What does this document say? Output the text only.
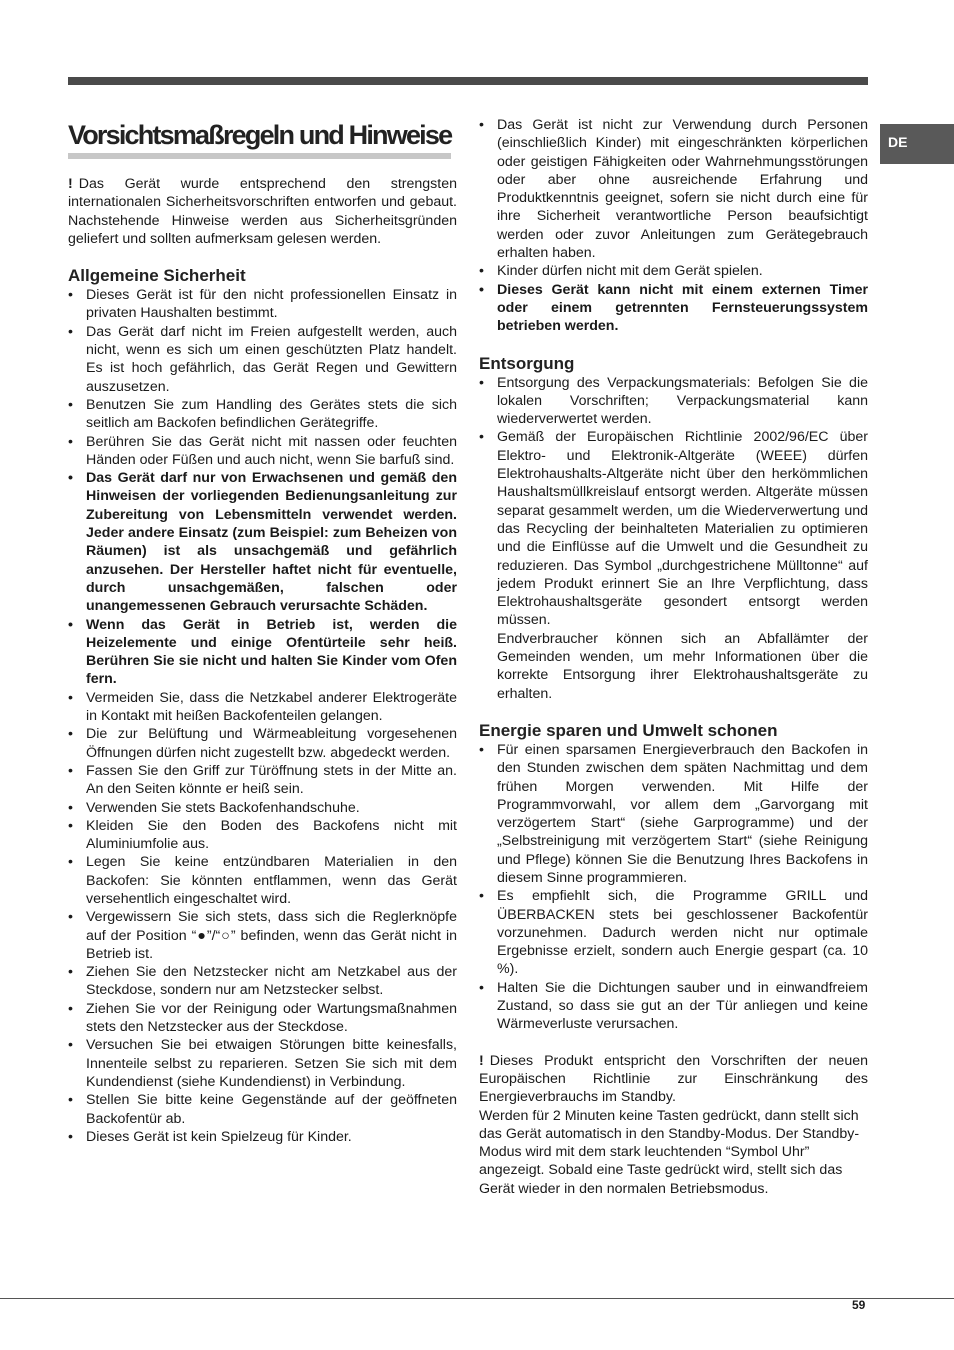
DE
Vorsichtsmaßregeln und Hinweise

! Das Gerät wurde entsprechend den strengsten internationalen Sicherheitsvorschriften entworfen und gebaut. Nachstehende Hinweise werden aus Sicherheitsgründen geliefert und sollten aufmerksam gelesen werden.

Allgemeine Sicherheit
• Dieses Gerät ist für den nicht professionellen Einsatz in privaten Haushalten bestimmt.
• Das Gerät darf nicht im Freien aufgestellt werden, auch nicht, wenn es sich um einen geschützten Platz handelt. Es ist hoch gefährlich, das Gerät Regen und Gewittern auszusetzen.
• Benutzen Sie zum Handling des Gerätes stets die sich seitlich am Backofen befindlichen Gerätegriffe.
• Berühren Sie das Gerät nicht mit nassen oder feuchten Händen oder Füßen und auch nicht, wenn Sie barfuß sind.
• Das Gerät darf nur von Erwachsenen und gemäß den Hinweisen der vorliegenden Bedienungsanleitung zur Zubereitung von Lebensmitteln verwendet werden. Jeder andere Einsatz (zum Beispiel: zum Beheizen von Räumen) ist als unsachgemäß und gefährlich anzusehen. Der Hersteller haftet nicht für eventuelle, durch unsachgemäßen, falschen oder unangemessenen Gebrauch verursachte Schäden.
• Wenn das Gerät in Betrieb ist, werden die Heizelemente und einige Ofentürteile sehr heiß. Berühren Sie sie nicht und halten Sie Kinder vom Ofen fern.
• Vermeiden Sie, dass die Netzkabel anderer Elektrogeräte in Kontakt mit heißen Backofenteilen gelangen.
• Die zur Belüftung und Wärmeableitung vorgesehenen Öffnungen dürfen nicht zugestellt bzw. abgedeckt werden.
• Fassen Sie den Griff zur Türöffnung stets in der Mitte an. An den Seiten könnte er heiß sein.
• Verwenden Sie stets Backofenhandschuhe.
• Kleiden Sie den Boden des Backofens nicht mit Aluminiumfolie aus.
• Legen Sie keine entzündbaren Materialien in den Backofen: Sie könnten entflammen, wenn das Gerät versehentlich eingeschaltet wird.
• Vergewissern Sie sich stets, dass sich die Reglerknöpfe auf der Position “●”/“○” befinden, wenn das Gerät nicht in Betrieb ist.
• Ziehen Sie den Netzstecker nicht am Netzkabel aus der Steckdose, sondern nur am Netzstecker selbst.
• Ziehen Sie vor der Reinigung oder Wartungsmaßnahmen stets den Netzstecker aus der Steckdose.
• Versuchen Sie bei etwaigen Störungen bitte keinesfalls, Innenteile selbst zu reparieren. Setzen Sie sich mit dem Kundendienst (siehe Kundendienst) in Verbindung.
• Stellen Sie bitte keine Gegenstände auf der geöffneten Backofentür ab.
• Dieses Gerät ist kein Spielzeug für Kinder.
• Das Gerät ist nicht zur Verwendung durch Personen (einschließlich Kinder) mit eingeschränkten körperlichen oder geistigen Fähigkeiten oder Wahrnehmungsstörungen oder aber ohne ausreichende Erfahrung und Produktkenntnis geeignet, sofern sie nicht durch eine für ihre Sicherheit verantwortliche Person beaufsichtigt werden oder zuvor Anleitungen zum Gerätegebrauch erhalten haben.
• Kinder dürfen nicht mit dem Gerät spielen.
• Dieses Gerät kann nicht mit einem externen Timer oder einem getrennten Fernsteuerungssystem betrieben werden.
Entsorgung
• Entsorgung des Verpackungsmaterials: Befolgen Sie die lokalen Vorschriften; Verpackungsmaterial kann wiederverwertet werden.
• Gemäß der Europäischen Richtlinie 2002/96/EC über Elektro- und Elektronik-Altgeräte (WEEE) dürfen Elektrohaushalts-Altgeräte nicht über den herkömmlichen Haushaltsmüllkreislauf entsorgt werden. Altgeräte müssen separat gesammelt werden, um die Wiederverwertung und das Recycling der beinhalteten Materialien zu optimieren und die Einflüsse auf die Umwelt und die Gesundheit zu reduzieren. Das Symbol „durchgestrichene Mülltonne“ auf jedem Produkt erinnert Sie an Ihre Verpflichtung, dass Elektrohaushaltsgeräte gesondert entsorgt werden müssen.

Endverbraucher können sich an Abfallämter der Gemeinden wenden, um mehr Informationen über die korrekte Entsorgung ihrer Elektrohaushaltsgeräte zu erhalten.

Energie sparen und Umwelt schonen
• Für einen sparsamen Energieverbrauch den Backofen in den Stunden zwischen dem späten Nachmittag und dem frühen Morgen verwenden. Mit Hilfe der Programmvorwahl, vor allem dem „Garvorgang mit verzögertem Start“ (siehe Garprogramme) und der „Selbstreinigung mit verzögertem Start“ (siehe Reinigung und Pflege) können Sie die Benutzung Ihres Backofens in diesem Sinne programmieren.
• Es empfiehlt sich, die Programme GRILL und ÜBERBACKEN stets bei geschlossener Backofentür vorzunehmen. Dadurch werden nicht nur optimale Ergebnisse erzielt, sondern auch Energie gespart (ca. 10 %).
• Halten Sie die Dichtungen sauber und in einwandfreiem Zustand, so dass sie gut an der Tür anliegen und keine Wärmeverluste verursachen.

! Dieses Produkt entspricht den Vorschriften der neuen Europäischen Richtlinie zur Einschränkung des Energieverbrauchs im Standby.

Werden für 2 Minuten keine Tasten gedrückt, dann stellt sich das Gerät automatisch in den Standby-Modus. Der Standby-Modus wird mit dem stark leuchtenden “Symbol Uhr” angezeigt. Sobald eine Taste gedrückt wird, stellt sich das Gerät wieder in den normalen Betriebsmodus.

59
